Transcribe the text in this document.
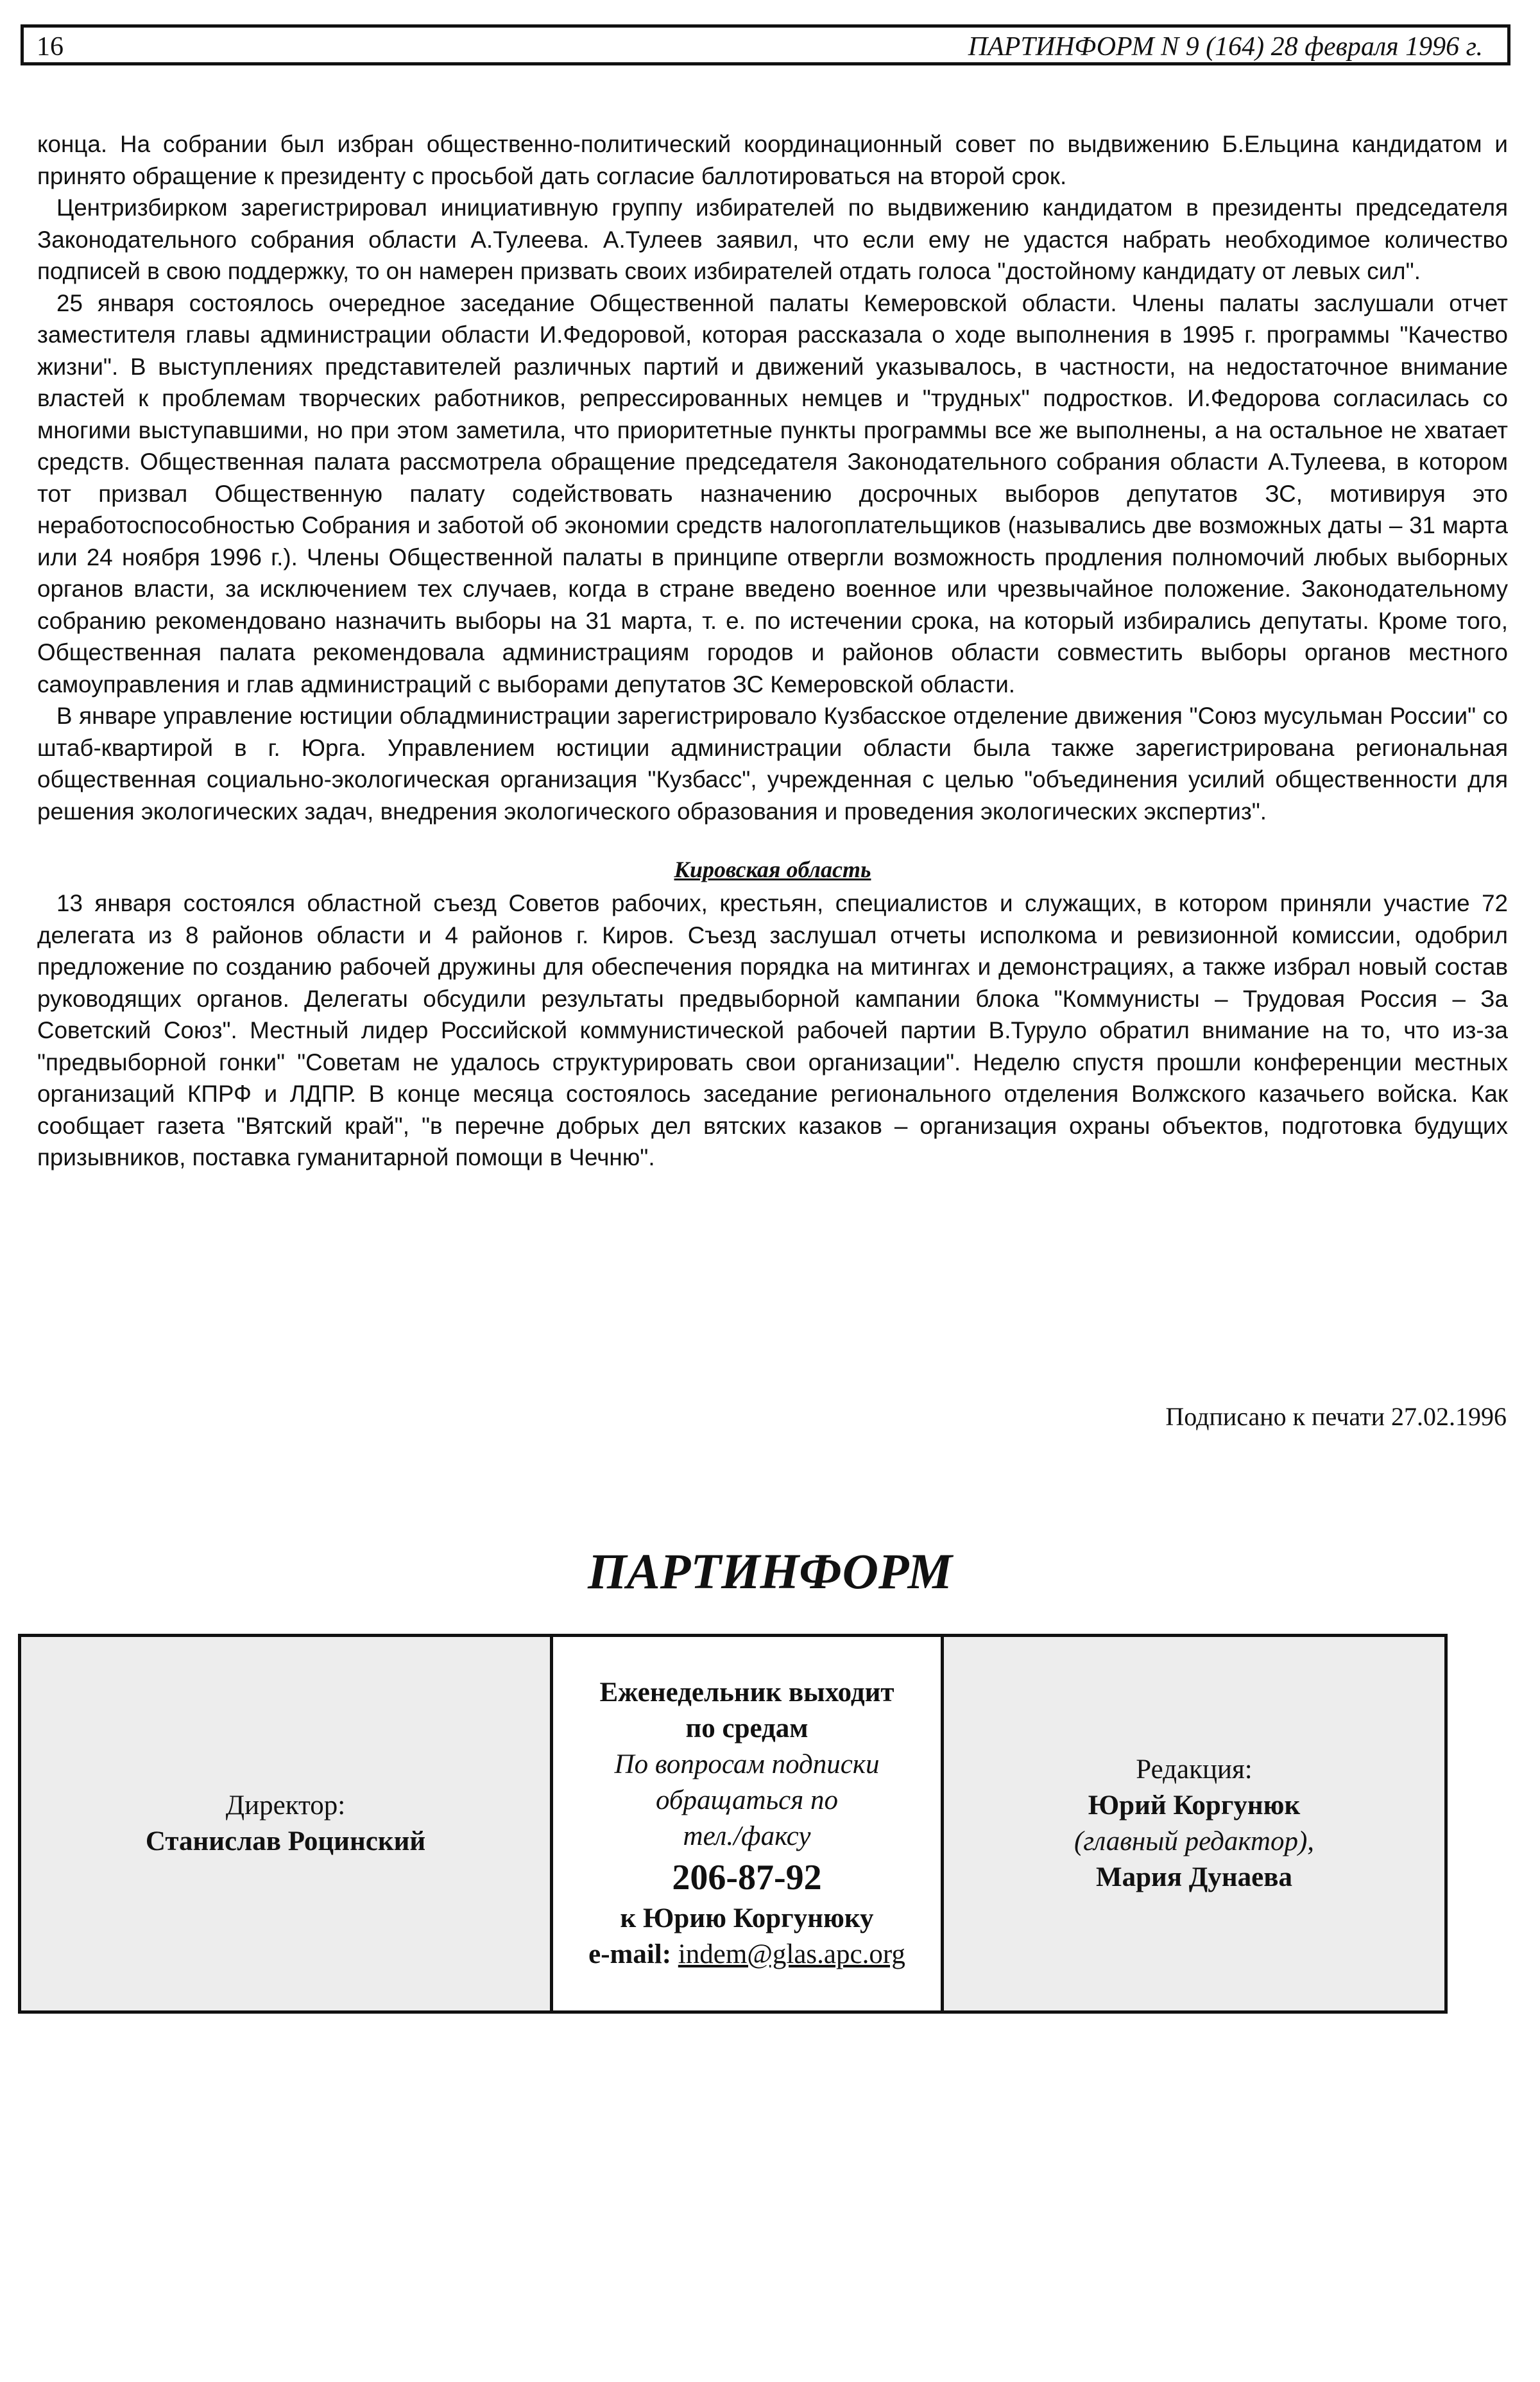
16	ПАРТИНФОРМ N 9 (164) 28 февраля 1996 г.

конца. На собрании был избран общественно-политический координационный совет по выдвижению Б.Ельцина кандидатом и принято обращение к президенту с просьбой дать согласие баллотироваться на второй срок.

Центризбирком зарегистрировал инициативную группу избирателей по выдвижению кандидатом в президенты председателя Законодательного собрания области А.Тулеева. А.Тулеев заявил, что если ему не удастся набрать необходимое количество подписей в свою поддержку, то он намерен призвать своих избирателей отдать голоса "достойному кандидату от левых сил".

25 января состоялось очередное заседание Общественной палаты Кемеровской области. Члены палаты заслушали отчет заместителя главы администрации области И.Федоровой, которая рассказала о ходе выполнения в 1995 г. программы "Качество жизни". В выступлениях представителей различных партий и движений указывалось, в частности, на недостаточное внимание властей к проблемам творческих работников, репрессированных немцев и "трудных" подростков. И.Федорова согласилась со многими выступавшими, но при этом заметила, что приоритетные пункты программы все же выполнены, а на остальное не хватает средств. Общественная палата рассмотрела обращение председателя Законодательного собрания области А.Тулеева, в котором тот призвал Общественную палату содействовать назначению досрочных выборов депутатов ЗС, мотивируя это неработоспособностью Собрания и заботой об экономии средств налогоплательщиков (назывались две возможных даты – 31 марта или 24 ноября 1996 г.). Члены Общественной палаты в принципе отвергли возможность продления полномочий любых выборных органов власти, за исключением тех случаев, когда в стране введено военное или чрезвычайное положение. Законодательному собранию рекомендовано назначить выборы на 31 марта, т. е. по истечении срока, на который избирались депутаты. Кроме того, Общественная палата рекомендовала администрациям городов и районов области совместить выборы органов местного самоуправления и глав администраций с выборами депутатов ЗС Кемеровской области.

В январе управление юстиции обладминистрации зарегистрировало Кузбасское отделение движения "Союз мусульман России" со штаб-квартирой в г. Юрга. Управлением юстиции администрации области была также зарегистрирована региональная общественная социально-экологическая организация "Кузбасс", учрежденная с целью "объединения усилий общественности для решения экологических задач, внедрения экологического образования и проведения экологических экспертиз".

Кировская область

13 января состоялся областной съезд Советов рабочих, крестьян, специалистов и служащих, в котором приняли участие 72 делегата из 8 районов области и 4 районов г. Киров. Съезд заслушал отчеты исполкома и ревизионной комиссии, одобрил предложение по созданию рабочей дружины для обеспечения порядка на митингах и демонстрациях, а также избрал новый состав руководящих органов. Делегаты обсудили результаты предвыборной кампании блока "Коммунисты – Трудовая Россия – За Советский Союз". Местный лидер Российской коммунистической рабочей партии В.Туруло обратил внимание на то, что из-за "предвыборной гонки" "Советам не удалось структурировать свои организации". Неделю спустя прошли конференции местных организаций КПРФ и ЛДПР. В конце месяца состоялось заседание регионального отделения Волжского казачьего войска. Как сообщает газета "Вятский край", "в перечне добрых дел вятских казаков – организация охраны объектов, подготовка будущих призывников, поставка гуманитарной помощи в Чечню".

Подписано к печати 27.02.1996
ПАРТИНФОРМ
Директор:
Станислав Роцинский
Еженедельник выходит
по средам
По вопросам подписки
обращаться по
тел./факсу
206-87-92
к Юрию Коргунюку
e-mail: indem@glas.apc.org
Редакция:
Юрий Коргунюк
(главный редактор),
Мария Дунаева
